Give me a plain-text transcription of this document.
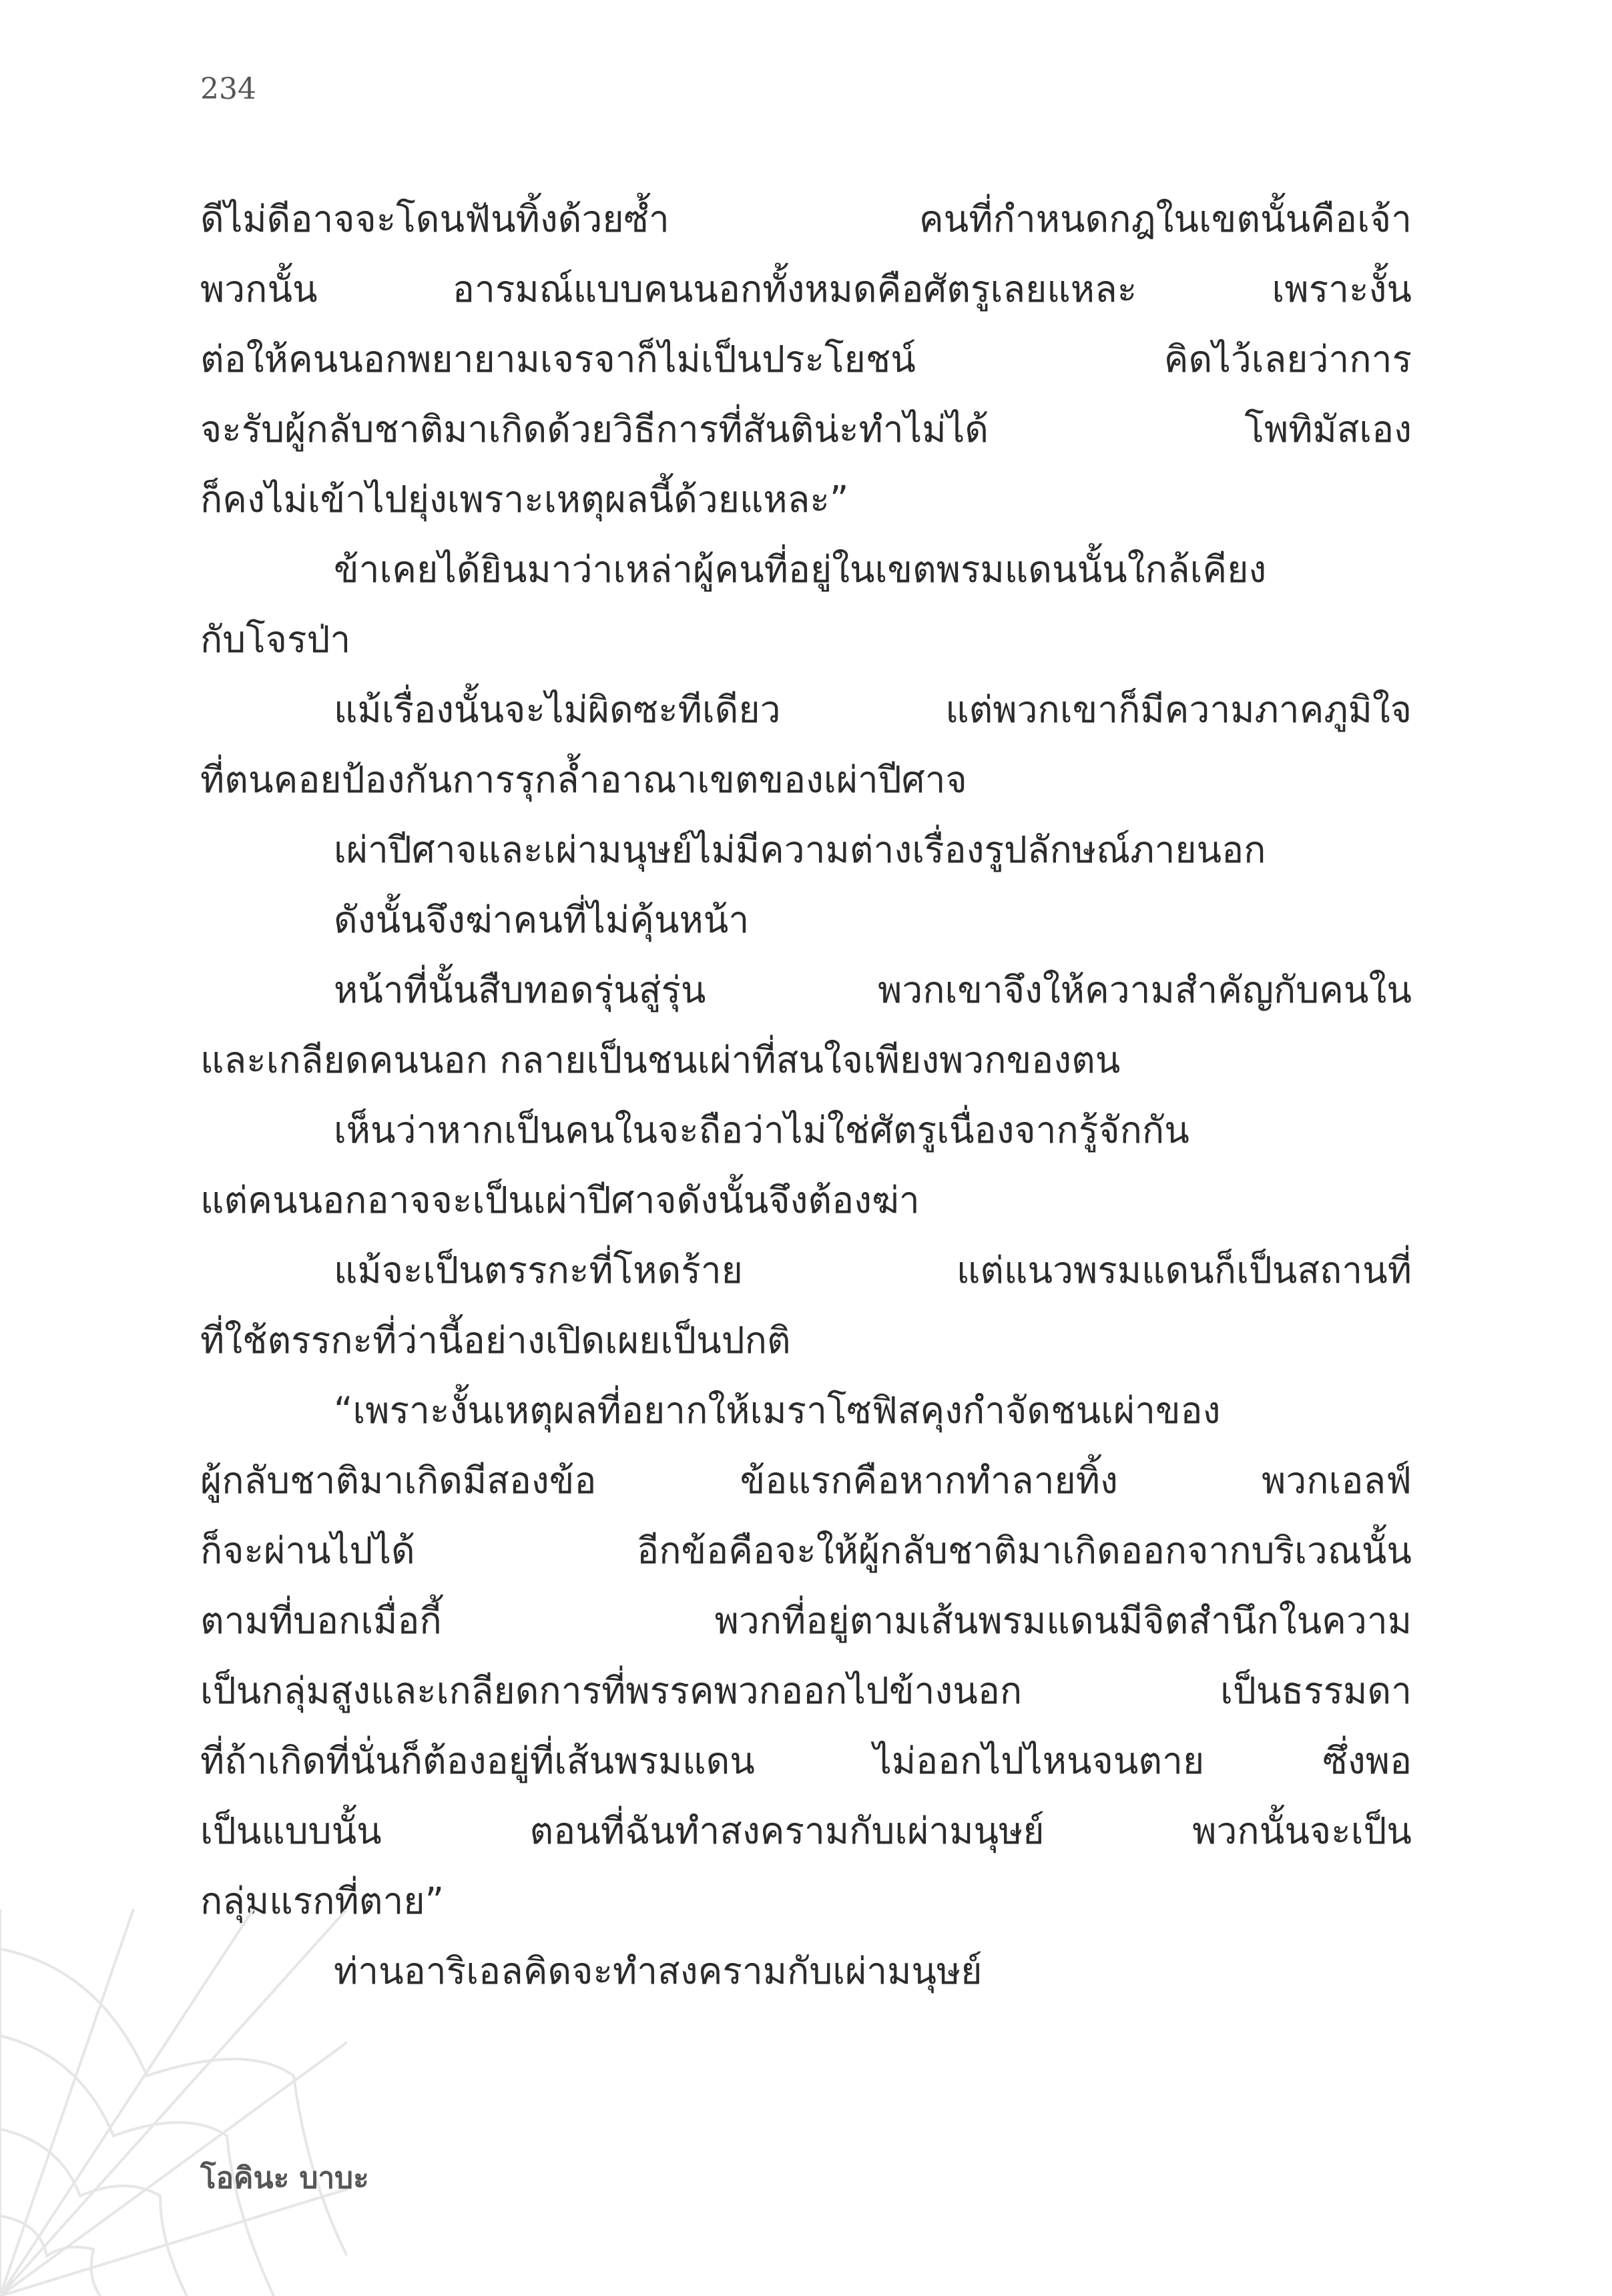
234
ดีไม่ดีอาจจะโดนฟันทิ้งด้วยซ้ำ คนที่กำหนดกฎในเขตนั้นคือเจ้า
พวกนั้น อารมณ์แบบคนนอกทั้งหมดคือศัตรูเลยแหละ เพราะงั้น
ต่อให้คนนอกพยายามเจรจาก็ไม่เป็นประโยชน์ คิดไว้เลยว่าการ
จะรับผู้กลับชาติมาเกิดด้วยวิธีการที่สันติน่ะทำไม่ได้ โพทิมัสเอง
ก็คงไม่เข้าไปยุ่งเพราะเหตุผลนี้ด้วยแหละ”
ข้าเคยได้ยินมาว่าเหล่าผู้คนที่อยู่ในเขตพรมแดนนั้นใกล้เคียง
กับโจรป่า
แม้เรื่องนั้นจะไม่ผิดซะทีเดียว แต่พวกเขาก็มีความภาคภูมิใจ
ที่ตนคอยป้องกันการรุกล้ำอาณาเขตของเผ่าปีศาจ
เผ่าปีศาจและเผ่ามนุษย์ไม่มีความต่างเรื่องรูปลักษณ์ภายนอก
ดังนั้นจึงฆ่าคนที่ไม่คุ้นหน้า
หน้าที่นั้นสืบทอดรุ่นสู่รุ่น พวกเขาจึงให้ความสำคัญกับคนใน
และเกลียดคนนอก กลายเป็นชนเผ่าที่สนใจเพียงพวกของตน
เห็นว่าหากเป็นคนในจะถือว่าไม่ใช่ศัตรูเนื่องจากรู้จักกัน
แต่คนนอกอาจจะเป็นเผ่าปีศาจดังนั้นจึงต้องฆ่า
แม้จะเป็นตรรกะที่โหดร้าย แต่แนวพรมแดนก็เป็นสถานที่
ที่ใช้ตรรกะที่ว่านี้อย่างเปิดเผยเป็นปกติ
“เพราะงั้นเหตุผลที่อยากให้เมราโซฟิสคุงกำจัดชนเผ่าของ
ผู้กลับชาติมาเกิดมีสองข้อ ข้อแรกคือหากทำลายทิ้ง พวกเอลฟ์
ก็จะผ่านไปได้ อีกข้อคือจะให้ผู้กลับชาติมาเกิดออกจากบริเวณนั้น
ตามที่บอกเมื่อกี้ พวกที่อยู่ตามเส้นพรมแดนมีจิตสำนึกในความ
เป็นกลุ่มสูงและเกลียดการที่พรรคพวกออกไปข้างนอก เป็นธรรมดา
ที่ถ้าเกิดที่นั่นก็ต้องอยู่ที่เส้นพรมแดน ไม่ออกไปไหนจนตาย ซึ่งพอ
เป็นแบบนั้น ตอนที่ฉันทำสงครามกับเผ่ามนุษย์ พวกนั้นจะเป็น
กลุ่มแรกที่ตาย”
ท่านอาริเอลคิดจะทำสงครามกับเผ่ามนุษย์
โอคินะ บาบะ
